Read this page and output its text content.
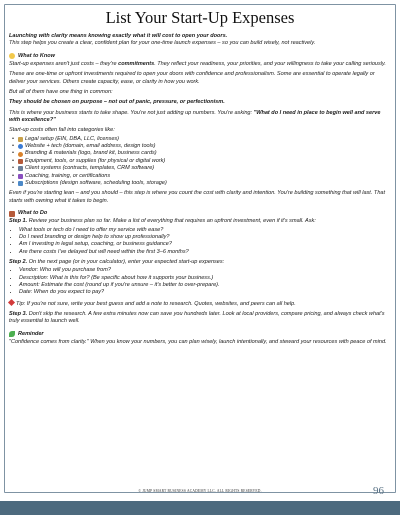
List Your Start-Up Expenses

Launching with clarity means knowing exactly what it will cost to open your doors.
This step helps you create a clear, confident plan for your one-time launch expenses – so you can build wisely, not reactively.

What to Know

Start-up expenses aren't just costs – they're commitments. They reflect your readiness, your priorities, and your willingness to take your calling seriously.

These are one-time or upfront investments required to open your doors with confidence and professionalism. Some are essential to operate legally or deliver your services. Others create capacity, ease, or clarity in how you work.

But all of them have one thing in common:

They should be chosen on purpose – not out of panic, pressure, or perfectionism.

This is where your business starts to take shape. You're not just adding up numbers. You're asking: "What do I need in place to begin well and serve with excellence?"

Start-up costs often fall into categories like:

• Legal setup (EIN, DBA, LLC, licenses)
• Website + tech (domain, email address, design tools)
• Branding & materials (logo, brand kit, business cards)
• Equipment, tools, or supplies (for physical or digital work)
• Client systems (contracts, templates, CRM software)
• Coaching, training, or certifications
• Subscriptions (design software, scheduling tools, storage)

Even if you're starting lean – and you should – this step is where you count the cost with clarity and intention. You're building something that will last. That starts with owning what it takes to begin.

What to Do

Step 1. Review your business plan so far. Make a list of everything that requires an upfront investment, even if it's small. Ask:

• What tools or tech do I need to offer my service with ease?
• Do I need branding or design help to show up professionally?
• Am I investing in legal setup, coaching, or business guidance?
• Are there costs I've delayed but will need within the first 3–6 months?

Step 2. On the next page (or in your calculator), enter your expected start-up expenses:

• Vendor: Who will you purchase from?
• Description: What is this for? (Be specific about how it supports your business.)
• Amount: Estimate the cost (round up if you're unsure – it's better to over-prepare).
• Date: When do you expect to pay?

Tip: If you're not sure, write your best guess and add a note to research. Quotes, websites, and peers can all help.

Step 3. Don't skip the research. A few extra minutes now can save you hundreds later. Look at local providers, compare pricing, and always check what's truly essential to launch well.

Reminder

"Confidence comes from clarity." When you know your numbers, you can plan wisely, launch intentionally, and steward your resources with peace of mind.

© JUMP SMART BUSINESS ACADEMY LLC. ALL RIGHTS RESERVED.	96
